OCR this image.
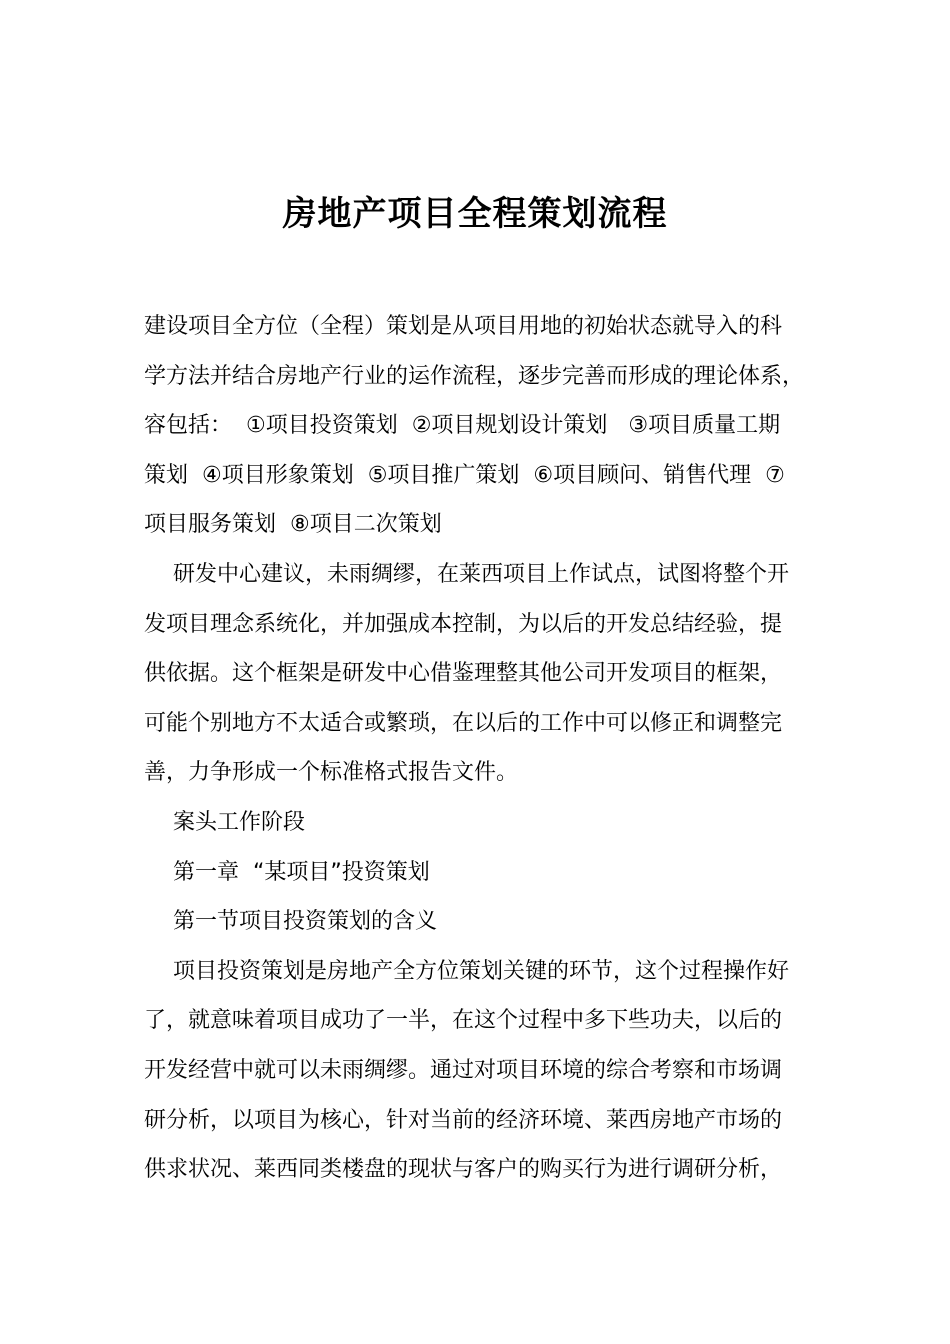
房地产项目全程策划流程
建设项目全方位（全程）策划是从项目用地的初始状态就导入的科
学方法并结合房地产行业的运作流程，逐步完善而形成的理论体系，
容包括：  ①项目投资策划  ②项目规划设计策划   ③项目质量工期
策划  ④项目形象策划  ⑤项目推广策划  ⑥项目顾问、销售代理  ⑦
项目服务策划  ⑧项目二次策划
研发中心建议，未雨绸缪，在莱西项目上作试点，试图将整个开
发项目理念系统化，并加强成本控制，为以后的开发总结经验，提
供依据。这个框架是研发中心借鉴理整其他公司开发项目的框架，
可能个别地方不太适合或繁琐，在以后的工作中可以修正和调整完
善，力争形成一个标准格式报告文件。
案头工作阶段
第一章  “某项目”投资策划
第一节项目投资策划的含义
项目投资策划是房地产全方位策划关键的环节，这个过程操作好
了，就意味着项目成功了一半，在这个过程中多下些功夫，以后的
开发经营中就可以未雨绸缪。通过对项目环境的综合考察和市场调
研分析，以项目为核心，针对当前的经济环境、莱西房地产市场的
供求状况、莱西同类楼盘的现状与客户的购买行为进行调研分析，
